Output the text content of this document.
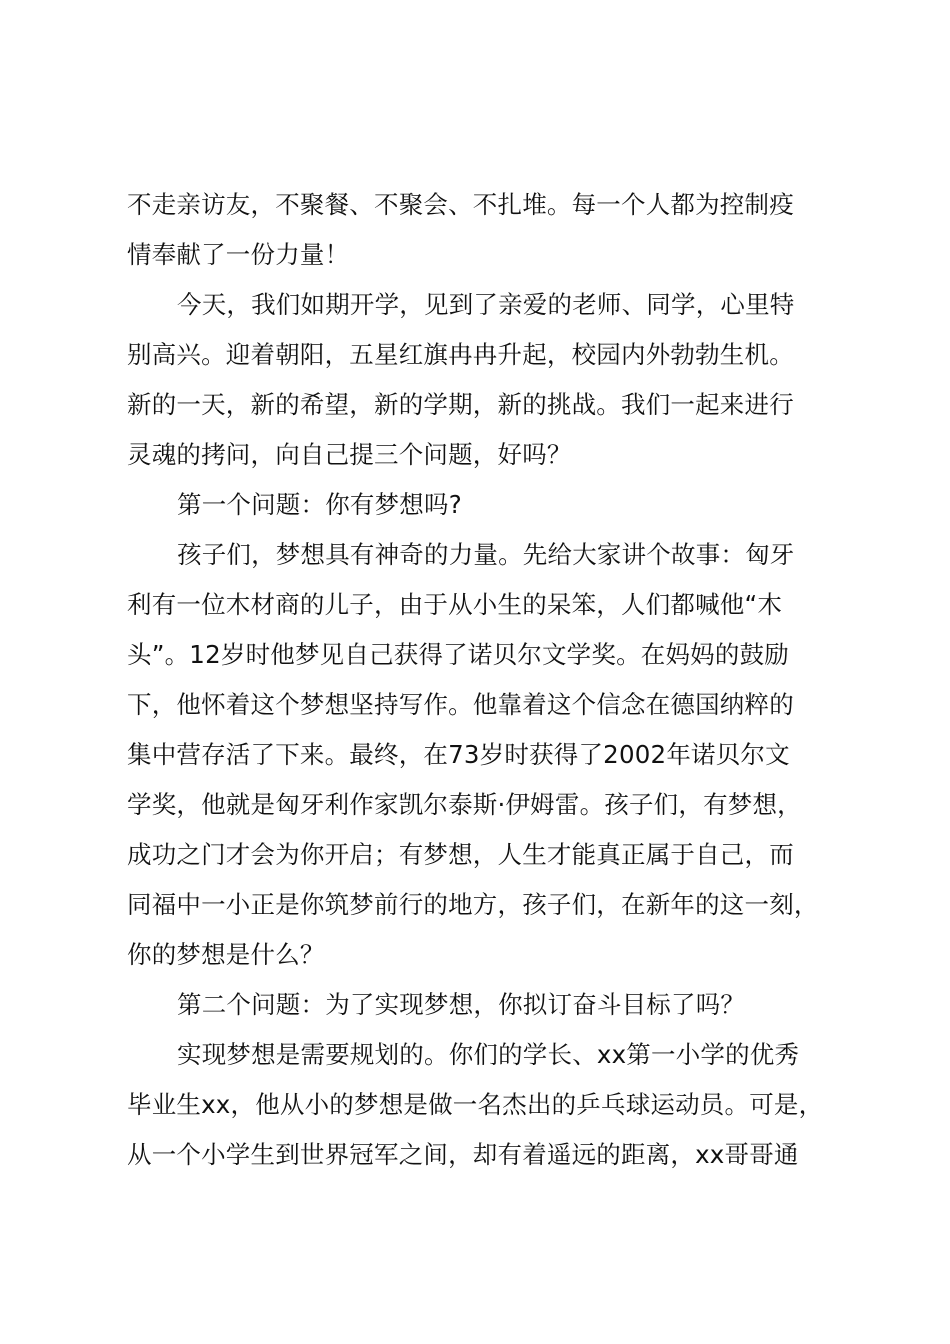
不走亲访友，不聚餐、不聚会、不扎堆。每一个人都为控制疫
情奉献了一份力量！
今天，我们如期开学，见到了亲爱的老师、同学，心里特
别高兴。迎着朝阳，五星红旗冉冉升起，校园内外勃勃生机。
新的一天，新的希望，新的学期，新的挑战。我们一起来进行
灵魂的拷问，向自己提三个问题，好吗？
第一个问题：你有梦想吗?
孩子们，梦想具有神奇的力量。先给大家讲个故事：匈牙
利有一位木材商的儿子，由于从小生的呆笨，人们都喊他“木
头”。12岁时他梦见自己获得了诺贝尔文学奖。在妈妈的鼓励
下，他怀着这个梦想坚持写作。他靠着这个信念在德国纳粹的
集中营存活了下来。最终，在73岁时获得了2002年诺贝尔文
学奖，他就是匈牙利作家凯尔泰斯·伊姆雷。孩子们，有梦想，
成功之门才会为你开启；有梦想，人生才能真正属于自己，而
同福中一小正是你筑梦前行的地方，孩子们，在新年的这一刻，
你的梦想是什么？
第二个问题：为了实现梦想，你拟订奋斗目标了吗？
实现梦想是需要规划的。你们的学长、xx第一小学的优秀
毕业生xx，他从小的梦想是做一名杰出的乒乓球运动员。可是，
从一个小学生到世界冠军之间，却有着遥远的距离，xx哥哥通
